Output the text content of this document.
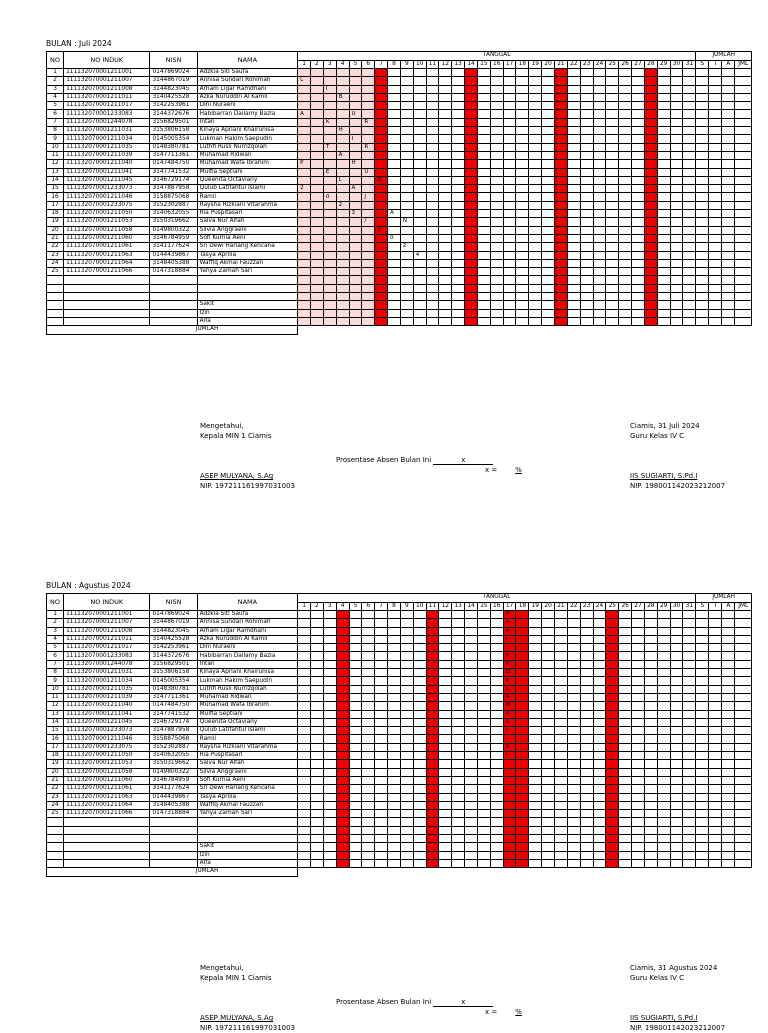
BULAN : Juli 2024
NO	NO INDUK	NISN	NAMA	TANGGAL																															JUMLAH			
				1	2	3	4	5	6	7	8	9	10	11	12	13	14	15	16	17	18	19	20	21	22	23	24	25	26	27	28	29	30	31	S	I	A	JML
1	111132070001211001	0147869024	Adzkia Siti Saufa																																			
2	111132070001211007	3144867019	Annisa Sundari Rohimah	L																																		
3	111132070001211008	3144823045	Arham Ligar Ramdhani			I																																
4	111132070001211011	3140425528	Azka Nuruddin Al Kamil				B																															
5	111132070001211017	3142253961	Dini Nuraeni																																			
6	111132070001233083	3144372676	Habibarran Dailamy Bazla	A				U																														
7	111132070001244078	3156829501	Intan			K			R																													
8	111132070001211031	3153806158	Kinaya Apriani Khairunisa				H																															
9	111132070001211034	0145005354	Lukman Hakim Saepudin					I																														
10	111132070001211035	0148380781	Luthfi Rusli Nurrizqolah			T			R																													
11	111132070001211039	3147711361	Muhamad Ridwan				A																															
12	111132070001211040	0147484750	Muhamad Wafa Ibrahim	P				H																														
13	111132070001211041	3147741532	Mulfia Septiani			E			U																													
14	111132070001211045	3146729174	Queenita Octaviany				L			N																												
15	111132070001233073	3147887958	Qulub Latifahtul Islami	2				A																														
16	111132070001211046	3158875068	Ramli			0			J																													
17	111132070001233075	3152302887	Raysha Rizkiani Vitarahma				2																															
18	111132070001211050	3140632055	Ria Puspitasari					3			A																											
19	111132070001211053	3150319662	Salva Nur Alfah						/			N																										
20	111132070001211058	0149800322	Silvia Anggraeni							2																												
21	111132070001211060	3146784959	Sofi Kurnia Aeni								0																											
22	111132070001211061	3141177624	Sri Dewi Harlang Kencana									2																										
23	111132070001211063	0144439867	Tasya Aprilia										4																									
24	111132070001211064	3148405388	Waffiq Akmal Fauzzan																																			
25	111132070001211066	0147318884	Yahya Zamah Sari																																			

			Sakit																																			
			Izin																																			
			Alfa																																			
JUMLAH																																						
Mengetahui,
Kepala MIN 1 Ciamis
ASEP MULYANA, S.Ag
NIP. 197211161997031003
Ciamis, 31 Juli 2024
Guru Kelas IV C
IIS SUGIARTI, S.Pd.I
NIP. 198001142023212007
Prosentase Absen Bulan Ini	x
x =	%
BULAN : Agustus 2024
NO	NO INDUK	NISN	NAMA	TANGGAL																															JUMLAH			
				1	2	3	4	5	6	7	8	9	10	11	12	13	14	15	16	17	18	19	20	21	22	23	24	25	26	27	28	29	30	31	S	I	A	JML
1	111132070001211001	0147869024	Adzkia Siti Saufa																	H																		
2	111132070001211007	3144867019	Annisa Sundari Rohimah																	A																		
3	111132070001211008	3144823045	Arham Ligar Ramdhani																	R																		
4	111132070001211011	3140425528	Azka Nuruddin Al Kamil																	I																		
5	111132070001211017	3142253961	Dini Nuraeni																																			
6	111132070001233083	3144372676	Habibarran Dailamy Bazla																	P																		
7	111132070001244078	3156829501	Intan																	R																		
8	111132070001211031	3153806158	Kinaya Apriani Khairunisa																	O																		
9	111132070001211034	0145005354	Lukman Hakim Saepudin																	K																		
10	111132070001211035	0148380781	Luthfi Rusli Nurrizqolah																	L																		
11	111132070001211039	3147711361	Muhamad Ridwan																	A																		
12	111132070001211040	0147484750	Muhamad Wafa Ibrahim																	M																		
13	111132070001211041	3147741532	Mulfia Septiani																	A																		
14	111132070001211045	3146729174	Queenita Octaviany																	S																		
15	111132070001233073	3147887958	Qulub Latifahtul Islami																	I																		
16	111132070001211046	3158875068	Ramli																																			
17	111132070001233075	3152302887	Raysha Rizkiani Vitarahma																	R																		
18	111132070001211050	3140632055	Ria Puspitasari																	I																		
19	111132070001211053	3150319662	Salva Nur Alfah																																			
20	111132070001211058	0149800322	Silvia Anggraeni																																			
21	111132070001211060	3146784959	Sofi Kurnia Aeni																																			
22	111132070001211061	3141177624	Sri Dewi Harlang Kencana																																			
23	111132070001211063	0144439867	Tasya Aprilia																																			
24	111132070001211064	3148405388	Waffiq Akmal Fauzzan																																			
25	111132070001211066	0147318884	Yahya Zamah Sari																																			

			Sakit																																			
			Izin																																			
			Alfa																																			
JUMLAH																																						
Mengetahui,
Kepala MIN 1 Ciamis
ASEP MULYANA, S.Ag
NIP. 197211161997031003
Ciamis, 31 Agustus 2024
Guru Kelas IV C
IIS SUGIARTI, S.Pd.I
NIP. 198001142023212007
Prosentase Absen Bulan Ini	x
x =	%
